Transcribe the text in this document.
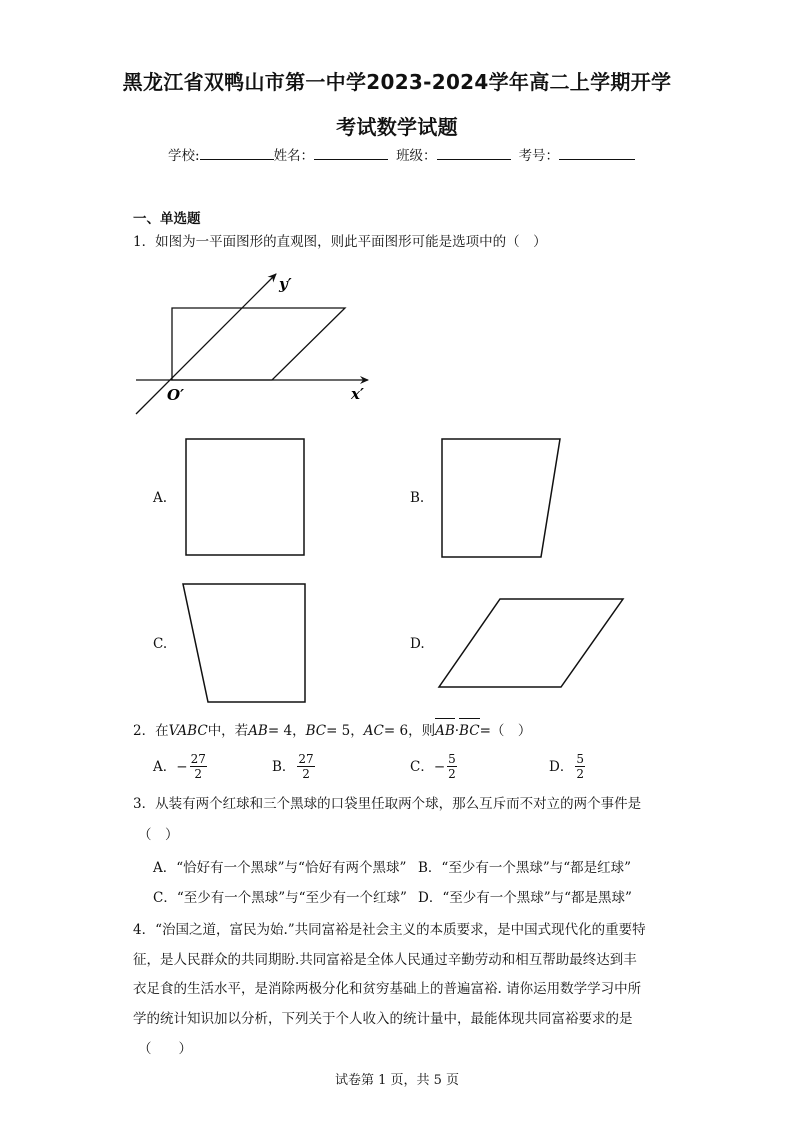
黑龙江省双鸭山市第一中学2023-2024学年高二上学期开学
考试数学试题
学校:	姓名：	班级：	考号：
一、单选题
1．如图为一平面图形的直观图，则此平面图形可能是选项中的（　）
y′
x′
O′
A.	B.
C.	D.
2．在VABC中，若AB= 4，BC= 5，AC= 6，则AB·BC=（　）
A． − $\frac{27}{2}$	B． $\frac{27}{2}$	C． − $\frac{5}{2}$	D． $\frac{5}{2}$
3．从装有两个红球和三个黑球的口袋里任取两个球，那么互斥而不对立的两个事件是
（　）
A．“恰好有一个黑球”与“恰好有两个黑球” B．“至少有一个黑球”与“都是红球”
C．“至少有一个黑球”与“至少有一个红球” D．“至少有一个黑球”与“都是黑球”
4．“治国之道，富民为始.”共同富裕是社会主义的本质要求，是中国式现代化的重要特
征，是人民群众的共同期盼.共同富裕是全体人民通过辛勤劳动和相互帮助最终达到丰
衣足食的生活水平，是消除两极分化和贫穷基础上的普遍富裕. 请你运用数学学习中所
学的统计知识加以分析，下列关于个人收入的统计量中，最能体现共同富裕要求的是
（　　）
试卷第 1 页，共 5 页
